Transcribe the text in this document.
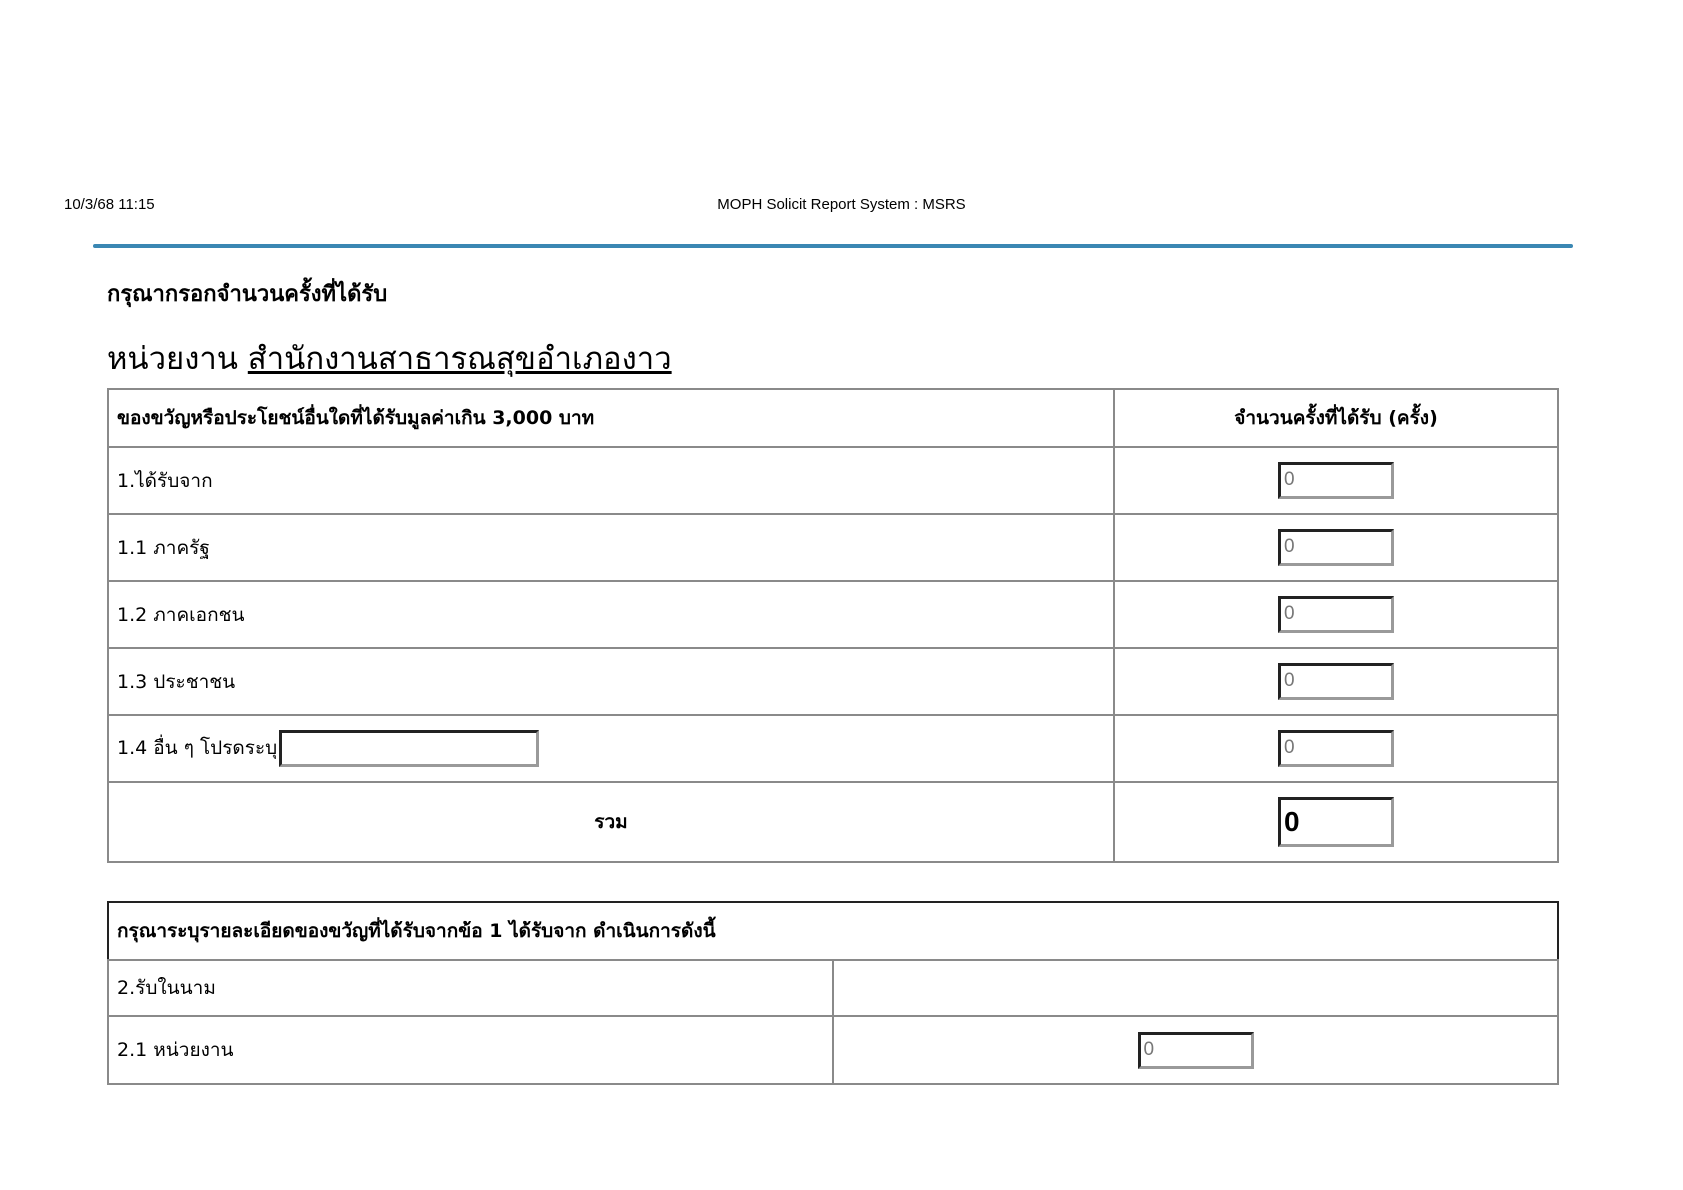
10/3/68 11:15	MOPH Solicit Report System : MSRS
กรุณากรอกจำนวนครั้งที่ได้รับ
หน่วยงาน สำนักงานสาธารณสุขอำเภองาว
ของขวัญหรือประโยชน์อื่นใดที่ได้รับมูลค่าเกิน 3,000 บาท	จำนวนครั้งที่ได้รับ (ครั้ง)
1.ได้รับจาก	0
1.1 ภาครัฐ	0
1.2 ภาคเอกชน	0
1.3 ประชาชน	0
1.4 อื่น ๆ โปรดระบุ	0
รวม	0
กรุณาระบุรายละเอียดของขวัญที่ได้รับจากข้อ 1 ได้รับจาก ดำเนินการดังนี้	
2.รับในนาม	
2.1 หน่วยงาน	0
